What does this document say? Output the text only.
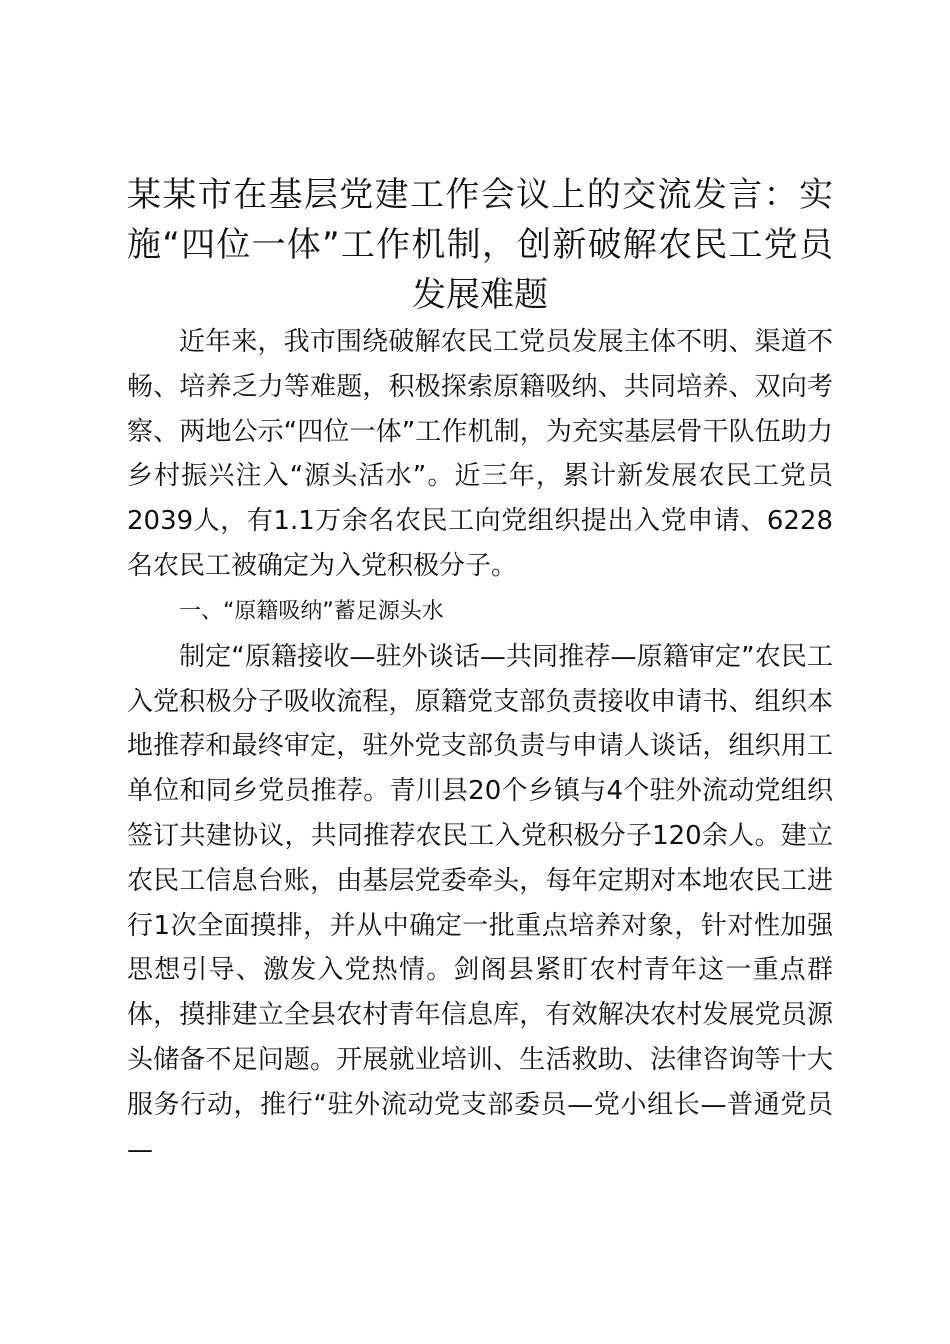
某某市在基层党建工作会议上的交流发言：实施“四位一体”工作机制，创新破解农民工党员发展难题

近年来，我市围绕破解农民工党员发展主体不明、渠道不畅、培养乏力等难题，积极探索原籍吸纳、共同培养、双向考察、两地公示“四位一体”工作机制，为充实基层骨干队伍助力乡村振兴注入“源头活水”。近三年，累计新发展农民工党员2039人，有1.1万余名农民工向党组织提出入党申请、6228名农民工被确定为入党积极分子。

一、“原籍吸纳”蓄足源头水

制定“原籍接收—驻外谈话—共同推荐—原籍审定”农民工入党积极分子吸收流程，原籍党支部负责接收申请书、组织本地推荐和最终审定，驻外党支部负责与申请人谈话，组织用工单位和同乡党员推荐。青川县20个乡镇与4个驻外流动党组织签订共建协议，共同推荐农民工入党积极分子120余人。建立农民工信息台账，由基层党委牵头，每年定期对本地农民工进行1次全面摸排，并从中确定一批重点培养对象，针对性加强思想引导、激发入党热情。剑阁县紧盯农村青年这一重点群体，摸排建立全县农村青年信息库，有效解决农村发展党员源头储备不足问题。开展就业培训、生活救助、法律咨询等十大服务行动，推行“驻外流动党支部委员—党小组长—普通党员—
